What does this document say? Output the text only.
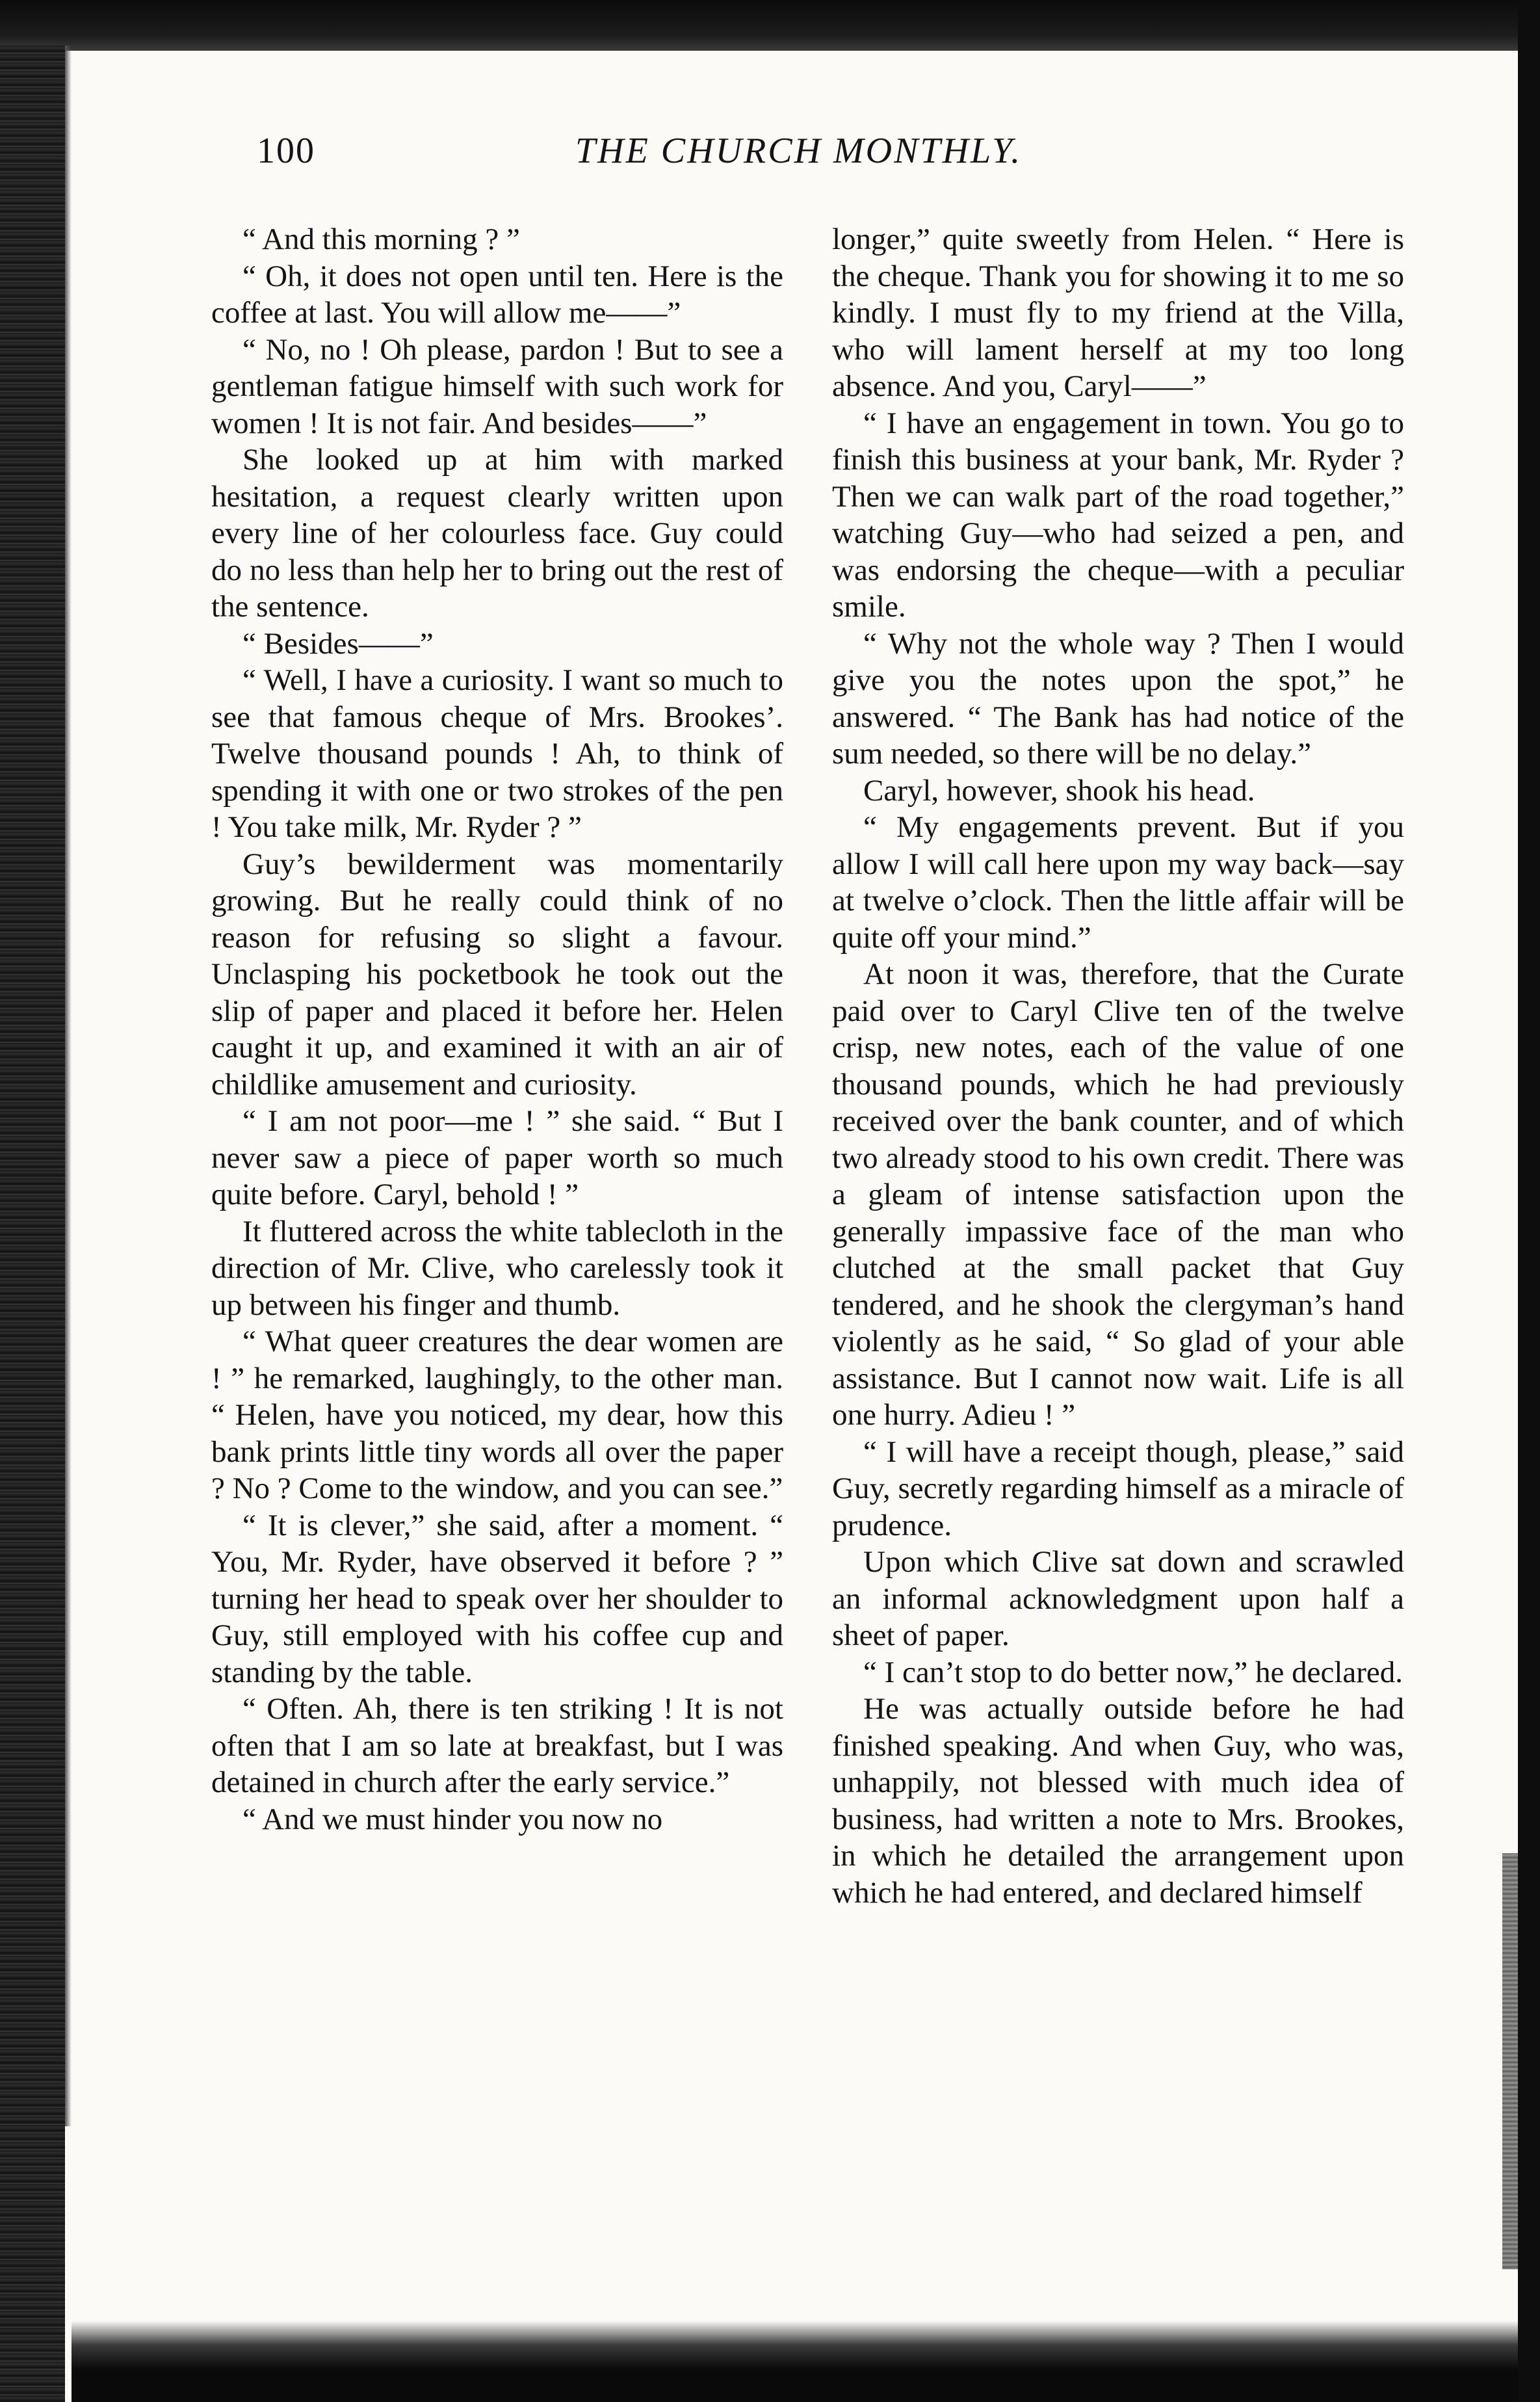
100	THE CHURCH MONTHLY.

“ And this morning ? ”

“ Oh, it does not open until ten. Here is the coffee at last. You will allow me——”

“ No, no ! Oh please, pardon ! But to see a gentleman fatigue himself with such work for women ! It is not fair. And besides——”

She looked up at him with marked hesitation, a request clearly written upon every line of her colourless face. Guy could do no less than help her to bring out the rest of the sentence.

“ Besides——”

“ Well, I have a curiosity. I want so much to see that famous cheque of Mrs. Brookes’. Twelve thousand pounds ! Ah, to think of spending it with one or two strokes of the pen ! You take milk, Mr. Ryder ? ”

Guy’s bewilderment was momentarily growing. But he really could think of no reason for refusing so slight a favour. Unclasping his pocketbook he took out the slip of paper and placed it before her. Helen caught it up, and examined it with an air of childlike amusement and curiosity.

“ I am not poor—me ! ” she said. “ But I never saw a piece of paper worth so much quite before. Caryl, behold ! ”

It fluttered across the white tablecloth in the direction of Mr. Clive, who carelessly took it up between his finger and thumb.

“ What queer creatures the dear women are ! ” he remarked, laughingly, to the other man. “ Helen, have you noticed, my dear, how this bank prints little tiny words all over the paper ? No ? Come to the window, and you can see.”

“ It is clever,” she said, after a moment. “ You, Mr. Ryder, have observed it before ? ” turning her head to speak over her shoulder to Guy, still employed with his coffee cup and standing by the table.

“ Often. Ah, there is ten striking ! It is not often that I am so late at breakfast, but I was detained in church after the early service.”

“ And we must hinder you now no

longer,” quite sweetly from Helen. “ Here is the cheque. Thank you for showing it to me so kindly. I must fly to my friend at the Villa, who will lament herself at my too long absence. And you, Caryl——”

“ I have an engagement in town. You go to finish this business at your bank, Mr. Ryder ? Then we can walk part of the road together,” watching Guy—who had seized a pen, and was endorsing the cheque—with a peculiar smile.

“ Why not the whole way ? Then I would give you the notes upon the spot,” he answered. “ The Bank has had notice of the sum needed, so there will be no delay.”

Caryl, however, shook his head.

“ My engagements prevent. But if you allow I will call here upon my way back—say at twelve o’clock. Then the little affair will be quite off your mind.”

At noon it was, therefore, that the Curate paid over to Caryl Clive ten of the twelve crisp, new notes, each of the value of one thousand pounds, which he had previously received over the bank counter, and of which two already stood to his own credit. There was a gleam of intense satisfaction upon the generally impassive face of the man who clutched at the small packet that Guy tendered, and he shook the clergyman’s hand violently as he said, “ So glad of your able assistance. But I cannot now wait. Life is all one hurry. Adieu ! ”

“ I will have a receipt though, please,” said Guy, secretly regarding himself as a miracle of prudence.

Upon which Clive sat down and scrawled an informal acknowledgment upon half a sheet of paper.

“ I can’t stop to do better now,” he declared.

He was actually outside before he had finished speaking. And when Guy, who was, unhappily, not blessed with much idea of business, had written a note to Mrs. Brookes, in which he detailed the arrangement upon which he had entered, and declared himself
